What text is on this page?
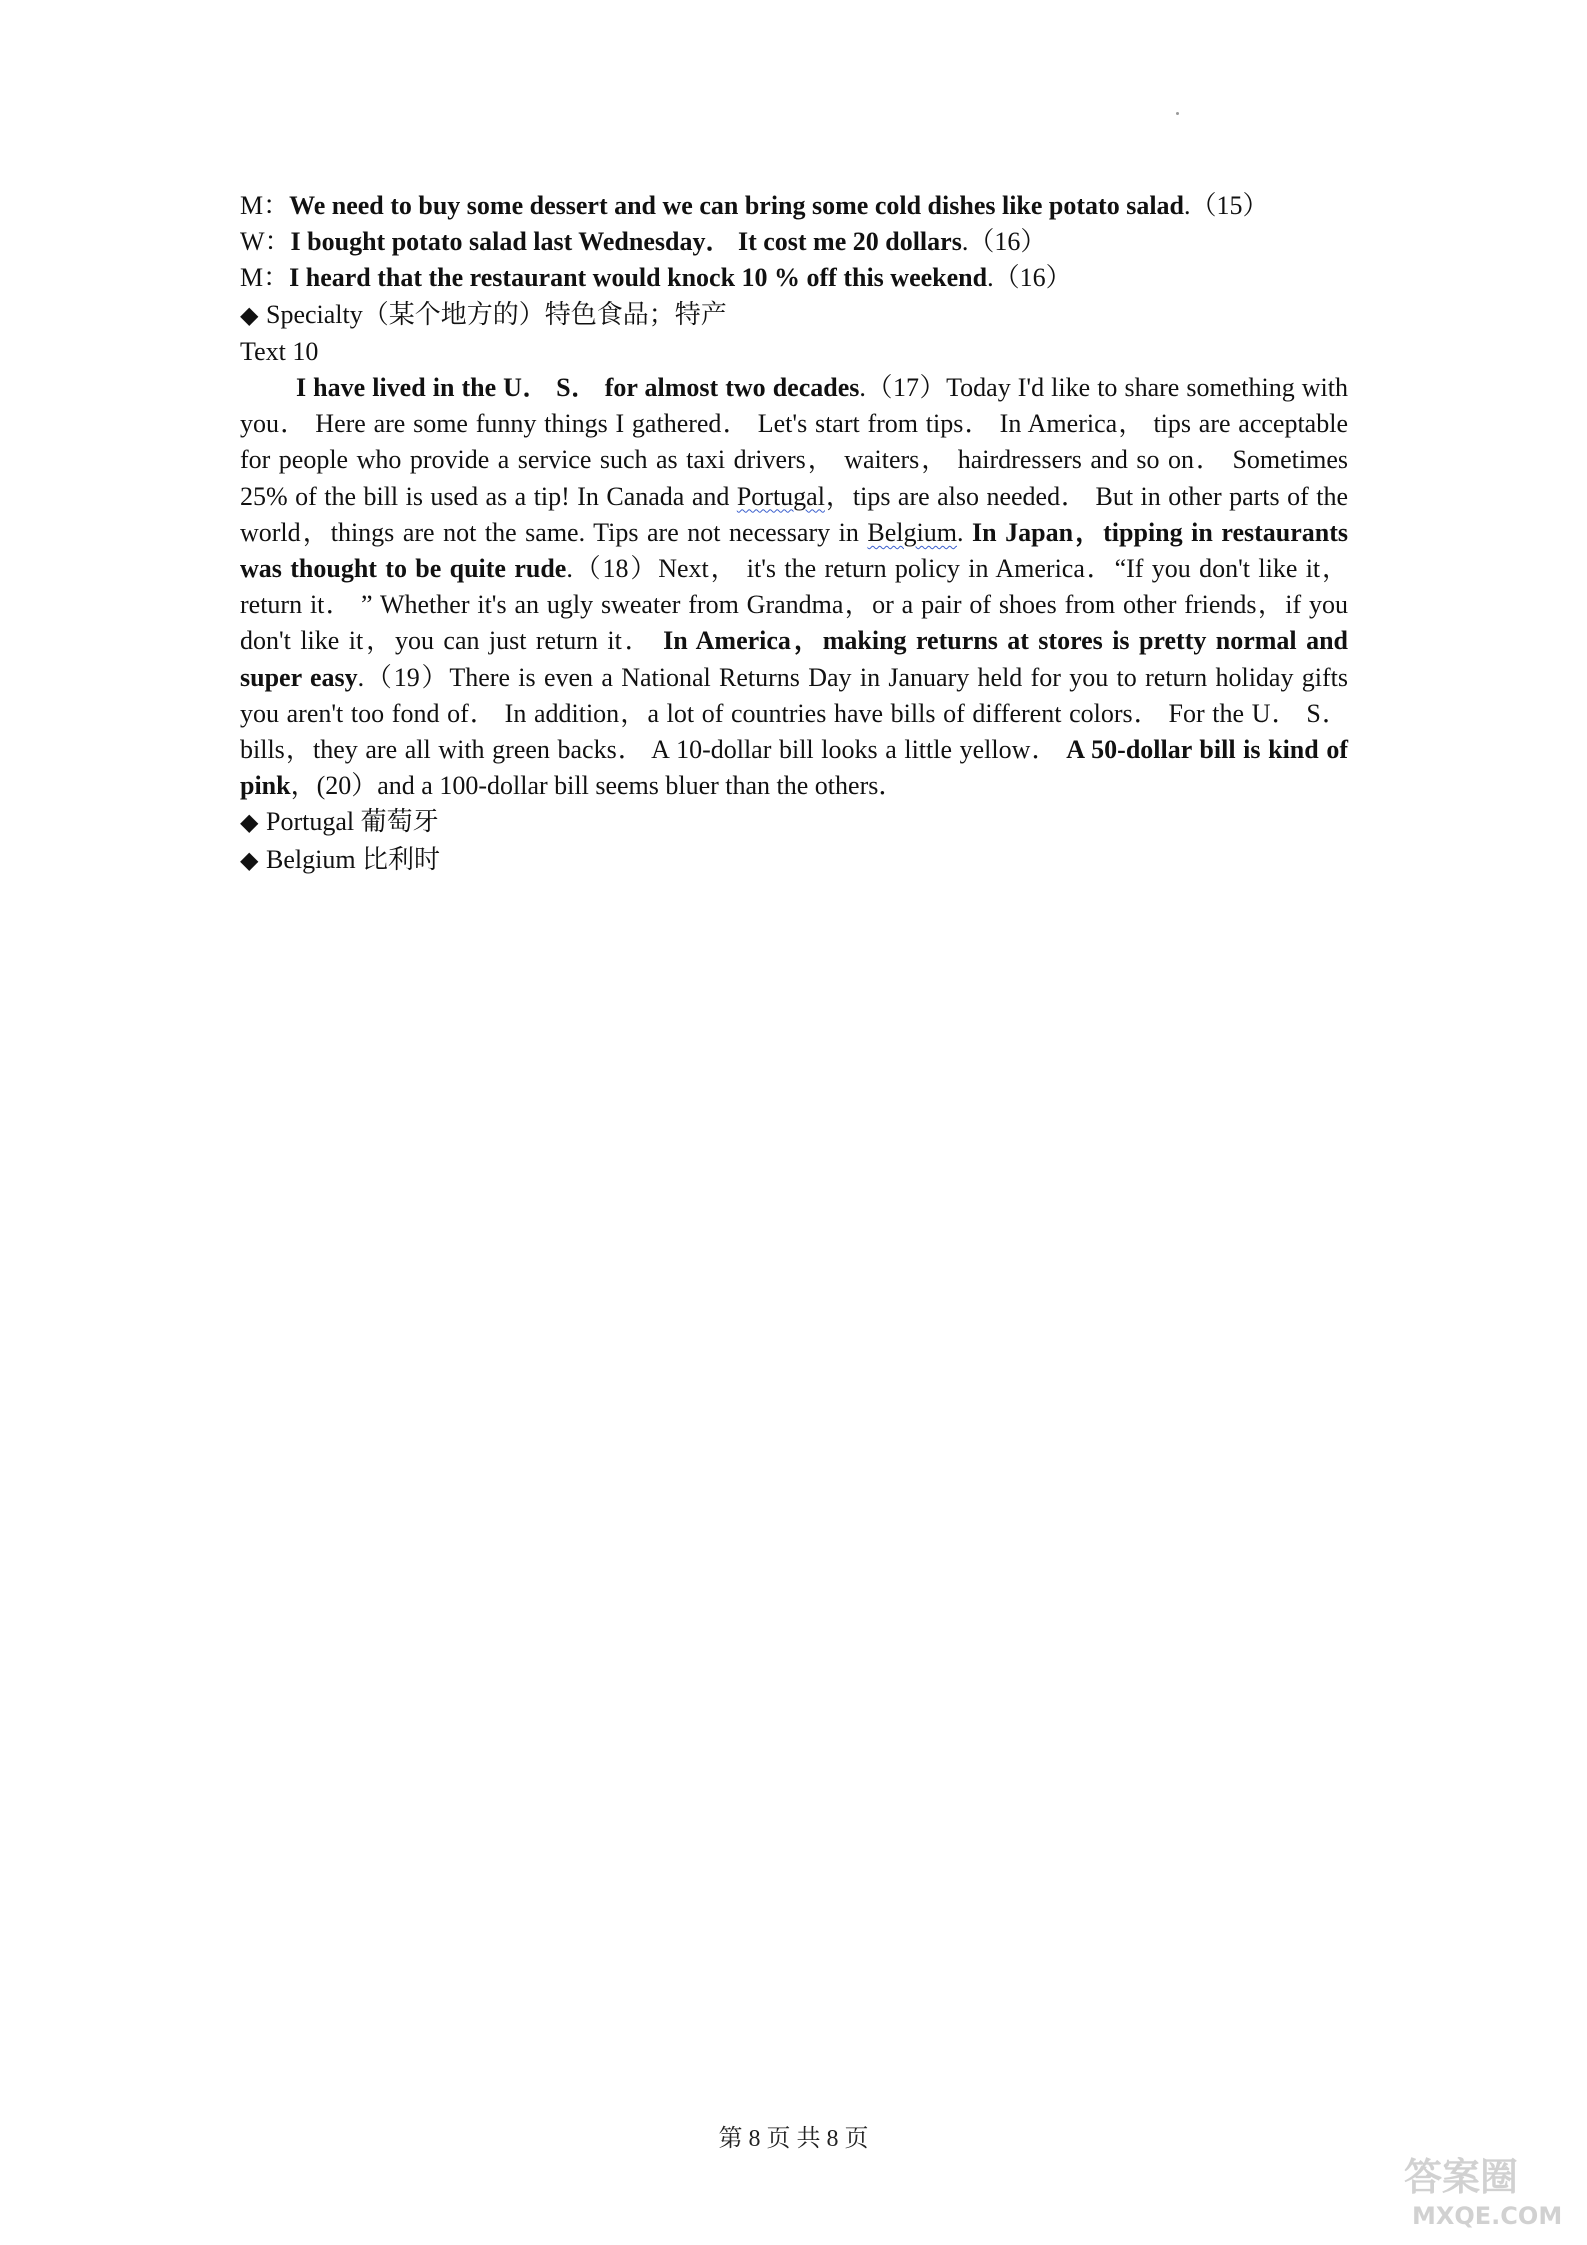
M：We need to buy some dessert and we can bring some cold dishes like potato salad.（15）
W：I bought potato salad last Wednesday． It cost me 20 dollars.（16）
M：I heard that the restaurant would knock 10 % off this weekend.（16）
◆ Specialty（某个地方的）特色食品；特产
Text 10
I have lived in the U． S． for almost two decades.（17）Today I'd like to share something with you． Here are some funny things I gathered． Let's start from tips． In America， tips are acceptable for people who provide a service such as taxi drivers， waiters， hairdressers and so on． Sometimes 25% of the bill is used as a tip! In Canada and Portugal，tips are also needed． But in other parts of the world，things are not the same. Tips are not necessary in Belgium. In Japan，tipping in restaurants was thought to be quite rude.（18）Next， it's the return policy in America．“If you don't like it，return it． ” Whether it's an ugly sweater from Grandma，or a pair of shoes from other friends，if you don't like it，you can just return it． In America，making returns at stores is pretty normal and super easy.（19）There is even a National Returns Day in January held for you to return holiday gifts you aren't too fond of． In addition，a lot of countries have bills of different colors． For the U． S． bills，they are all with green backs． A 10-dollar bill looks a little yellow． A 50-dollar bill is kind of pink，(20）and a 100-dollar bill seems bluer than the others．
◆ Portugal 葡萄牙
◆ Belgium 比利时
第 8 页 共 8 页
答案圈
MXQE.COM
